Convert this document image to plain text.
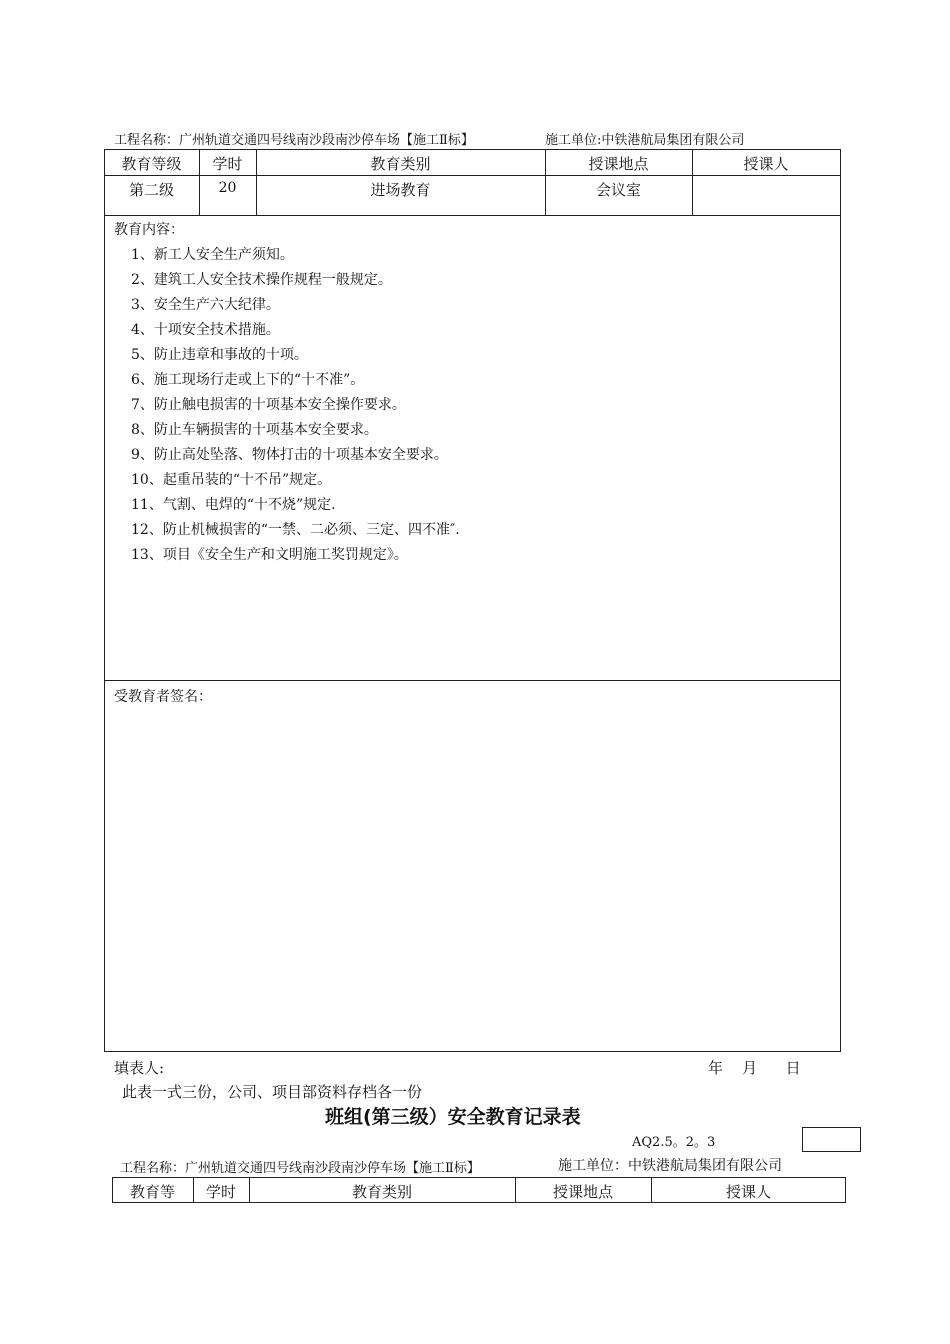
工程名称：广州轨道交通四号线南沙段南沙停车场【施工Ⅱ标】	施工单位:中铁港航局集团有限公司
教育等级	学时	教育类别	授课地点	授课人
第二级	20	进场教育	会议室
教育内容：
1、新工人安全生产须知。
2、建筑工人安全技术操作规程一般规定。
3、安全生产六大纪律。
4、十项安全技术措施。
5、防止违章和事故的十项。
6、施工现场行走或上下的“十不准”。
7、防止触电损害的十项基本安全操作要求。
8、防止车辆损害的十项基本安全要求。
9、防止高处坠落、物体打击的十项基本安全要求。
10、起重吊装的“十不吊”规定。
11、气割、电焊的“十不烧”规定.
12、防止机械损害的“一禁、二必须、三定、四不准″.
13、项目《安全生产和文明施工奖罚规定》。
受教育者签名：
填表人:	年    月      日
此表一式三份，公司、项目部资料存档各一份
班组(第三级）安全教育记录表
AQ2.5。2。3
工程名称：广州轨道交通四号线南沙段南沙停车场【施工Ⅱ标】	施工单位：中铁港航局集团有限公司
教育等	学时	教育类别	授课地点	授课人
